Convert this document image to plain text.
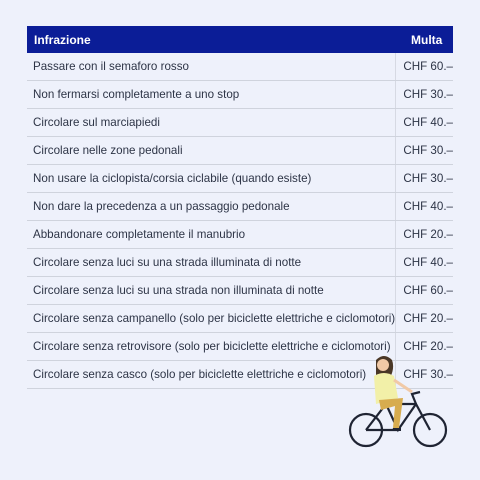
Infrazione	Multa
Passare con il semaforo rosso	CHF 60.–
Non fermarsi completamente a uno stop	CHF 30.–
Circolare sul marciapiedi	CHF 40.–
Circolare nelle zone pedonali	CHF 30.–
Non usare la ciclopista/corsia ciclabile (quando esiste)	CHF 30.–
Non dare la precedenza a un passaggio pedonale	CHF 40.–
Abbandonare completamente il manubrio	CHF 20.–
Circolare senza luci su una strada illuminata di notte	CHF 40.–
Circolare senza luci su una strada non illuminata di notte	CHF 60.–
Circolare senza campanello (solo per biciclette elettriche e ciclomotori) CHF 20.–
Circolare senza retrovisore (solo per biciclette elettriche e ciclomotori)	CHF 20.–
Circolare senza casco (solo per biciclette elettriche e ciclomotori)	CHF 30.–
